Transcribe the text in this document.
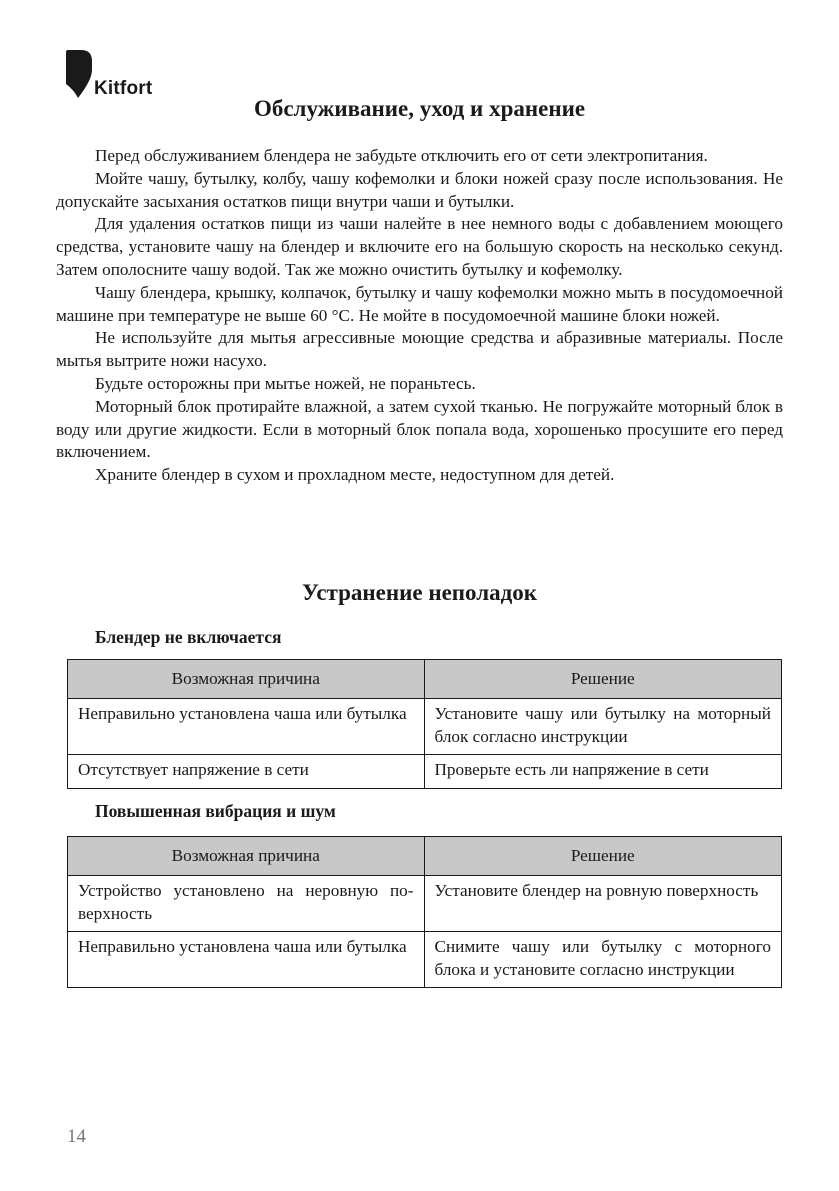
Kitfort
Обслуживание, уход и хранение

Перед обслуживанием блендера не забудьте отключить его от сети электропитания.

Мойте чашу, бутылку, колбу, чашу кофемолки и блоки ножей сразу после использования. Не допускайте засыхания остатков пищи внутри чаши и бутылки.

Для удаления остатков пищи из чаши налейте в нее немного воды с добавлением моющего средства, установите чашу на блендер и включите его на большую скорость на несколько секунд. Затем ополосните чашу водой. Так же можно очистить бутылку и кофемолку.

Чашу блендера, крышку, колпачок, бутылку и чашу кофемолки можно мыть в посудомоечной машине при температуре не выше 60 °С. Не мойте в посудомоечной машине блоки ножей.

Не используйте для мытья агрессивные моющие средства и абразивные материалы. После мытья вытрите ножи насухо.

Будьте осторожны при мытье ножей, не пораньтесь.

Моторный блок протирайте влажной, а затем сухой тканью. Не погружайте моторный блок в воду или другие жидкости. Если в моторный блок попала вода, хорошенько просушите его перед включением.

Храните блендер в сухом и прохладном месте, недоступном для детей.

Устранение неполадок
Блендер не включается
Возможная причина	Решение
Неправильно установлена чаша или бутылка	Установите чашу или бутылку на моторный блок согласно инструкции
Отсутствует напряжение в сети	Проверьте есть ли напряжение в сети
Повышенная вибрация и шум
Возможная причина	Решение
Устройство установлено на неровную поверхность	Установите блендер на ровную поверхность
Неправильно установлена чаша или бутылка	Снимите чашу или бутылку с моторного блока и установите согласно инструкции
14
